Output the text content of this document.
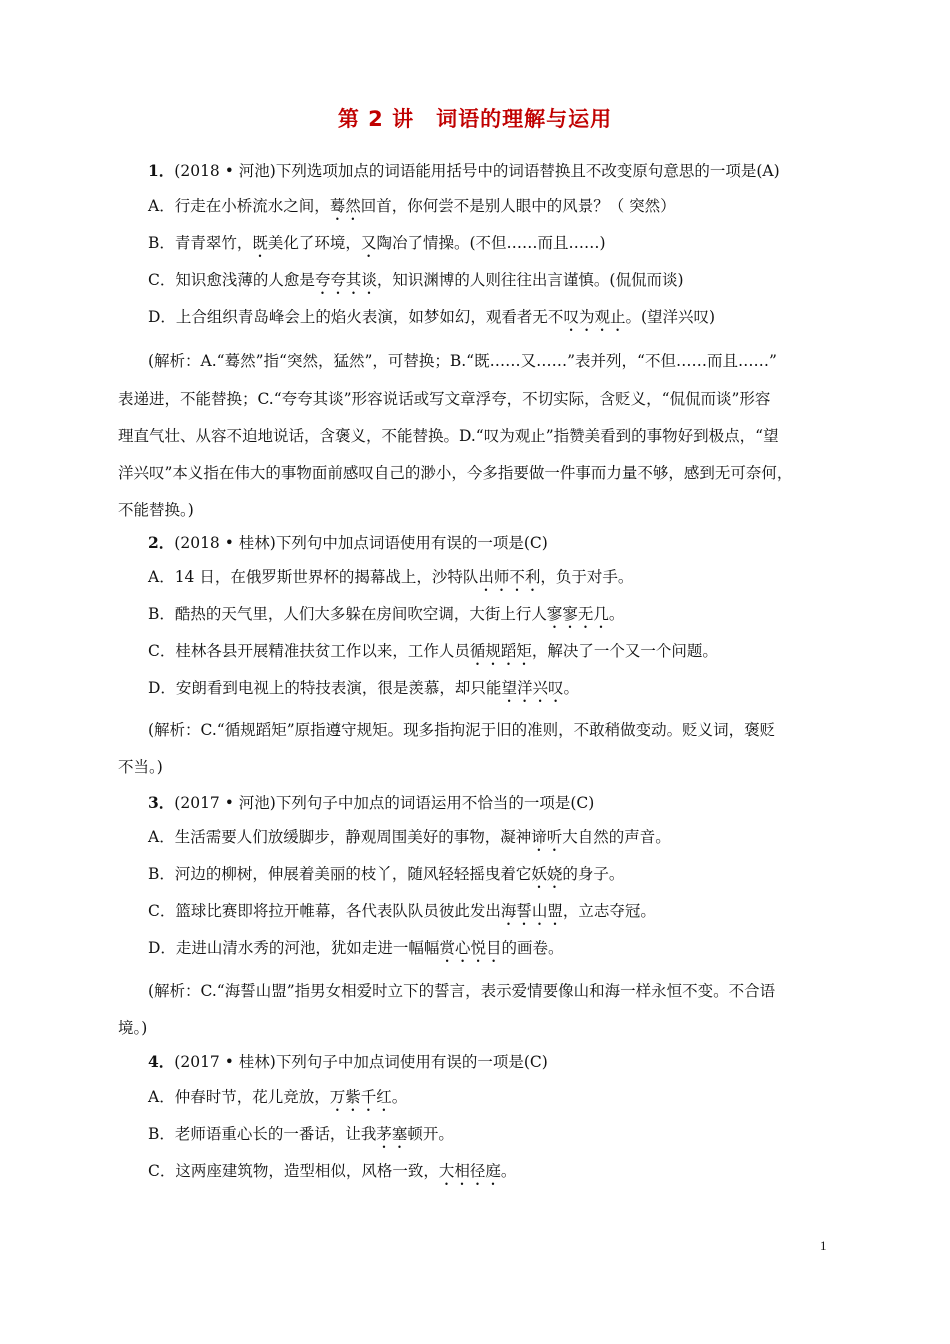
第 2 讲　词语的理解与运用
1．(2018 • 河池)下列选项加点的词语能用括号中的词语替换且不改变原句意思的一项是(A)
A．行走在小桥流水之间，蓦然回首，你何尝不是别人眼中的风景？（ 突然）
B．青青翠竹，既美化了环境，又陶冶了情操。(不但……而且……)
C．知识愈浅薄的人愈是夸夸其谈，知识渊博的人则往往出言谨慎。(侃侃而谈)
D．上合组织青岛峰会上的焰火表演，如梦如幻，观看者无不叹为观止。(望洋兴叹)
(解析：A.“蓦然”指“突然，猛然”，可替换；B.“既……又……”表并列，“不但……而且……”
表递进，不能替换；C.“夸夸其谈”形容说话或写文章浮夸，不切实际，含贬义，“侃侃而谈”形容
理直气壮、从容不迫地说话，含褒义，不能替换。D.“叹为观止”指赞美看到的事物好到极点，“望
洋兴叹”本义指在伟大的事物面前感叹自己的渺小，今多指要做一件事而力量不够，感到无可奈何，
不能替换。)
2．(2018 • 桂林)下列句中加点词语使用有误的一项是(C)
A．14 日，在俄罗斯世界杯的揭幕战上，沙特队出师不利，负于对手。
B．酷热的天气里，人们大多躲在房间吹空调，大街上行人寥寥无几。
C．桂林各县开展精准扶贫工作以来，工作人员循规蹈矩，解决了一个又一个问题。
D．安朗看到电视上的特技表演，很是羡慕，却只能望洋兴叹。
(解析：C.“循规蹈矩”原指遵守规矩。现多指拘泥于旧的准则，不敢稍做变动。贬义词，褒贬
不当。)
3．(2017 • 河池)下列句子中加点的词语运用不恰当的一项是(C)
A．生活需要人们放缓脚步，静观周围美好的事物，凝神谛听大自然的声音。
B．河边的柳树，伸展着美丽的枝丫，随风轻轻摇曳着它妖娆的身子。
C．篮球比赛即将拉开帷幕，各代表队队员彼此发出海誓山盟，立志夺冠。
D．走进山清水秀的河池，犹如走进一幅幅赏心悦目的画卷。
(解析：C.“海誓山盟”指男女相爱时立下的誓言，表示爱情要像山和海一样永恒不变。不合语
境。)
4．(2017 • 桂林)下列句子中加点词使用有误的一项是(C)
A．仲春时节，花儿竞放，万紫千红。
B．老师语重心长的一番话，让我茅塞顿开。
C．这两座建筑物，造型相似，风格一致，大相径庭。
1
